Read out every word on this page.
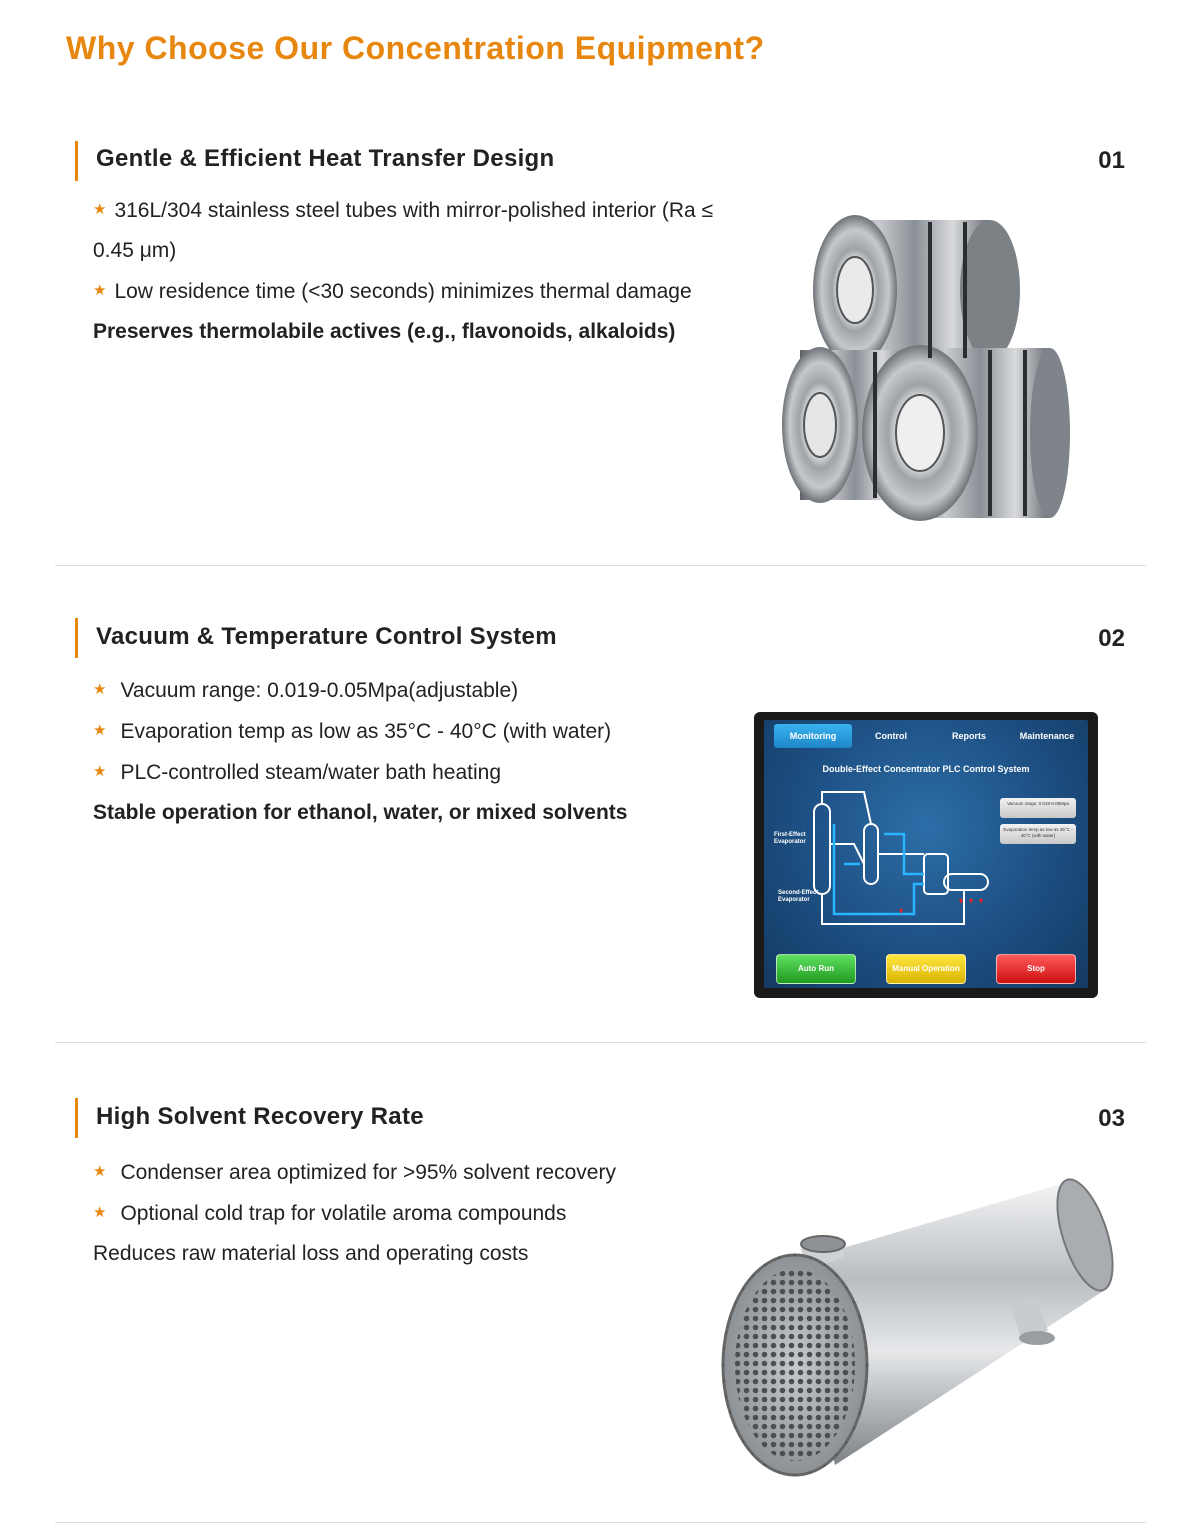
Why Choose Our Concentration Equipment?
Gentle & Efficient Heat Transfer Design	01
★ 316L/304 stainless steel tubes with mirror-polished interior (Ra ≤ 0.45 μm)
★ Low residence time (<30 seconds) minimizes thermal damage
Preserves thermolabile actives (e.g., flavonoids, alkaloids)
Vacuum & Temperature Control System	02
★ Vacuum range: 0.019-0.05Mpa(adjustable)
★ Evaporation temp as low as 35°C - 40°C (with water)
★ PLC-controlled steam/water bath heating
Stable operation for ethanol, water, or mixed solvents
Monitoring	Control	Reports	Maintenance
Double-Effect Concentrator PLC Control System
First-Effect Evaporator
Second-Effect Evaporator
Vacuum range: 0.019-0.05Mpa
Evaporation temp as low as 35°C - 40°C (with water)
Auto Run	Manual Operation	Stop
High Solvent Recovery Rate	03
★ Condenser area optimized for >95% solvent recovery
★ Optional cold trap for volatile aroma compounds
Reduces raw material loss and operating costs
